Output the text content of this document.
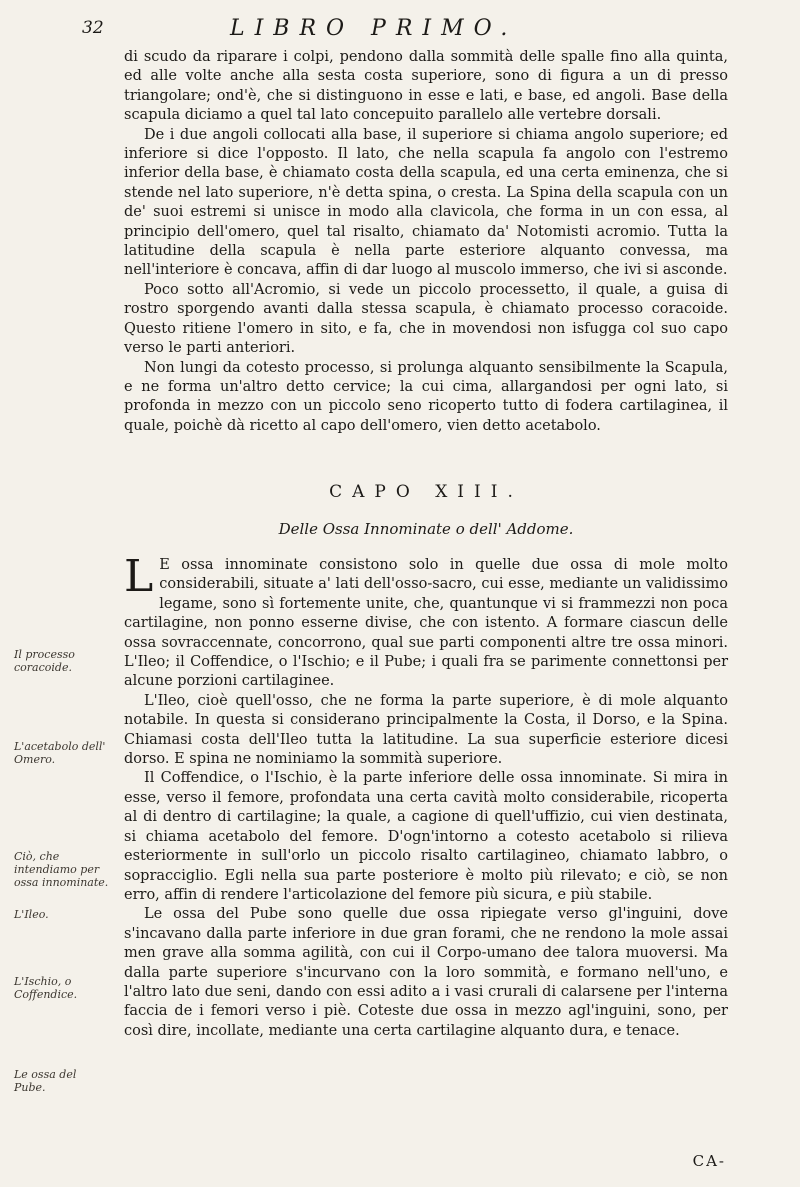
32	LIBRO PRIMO.
Il processo coracoide.
L'acetabolo dell' Omero.
Ciò, che intendiamo per ossa innominate.
L'Ileo.
L'Ischio, o Coffendice.
Le ossa del Pube.

di scudo da riparare i colpi, pendono dalla sommità delle spalle fino alla quinta, ed alle volte anche alla sesta costa superiore, sono di figura a un di presso triangolare; ond'è, che si distinguono in esse e lati, e base, ed angoli. Base della scapula diciamo a quel tal lato concepuito parallelo alle vertebre dorsali.

De i due angoli collocati alla base, il superiore si chiama angolo superiore; ed inferiore si dice l'opposto. Il lato, che nella scapula fa angolo con l'estremo inferior della base, è chiamato costa della scapula, ed una certa eminenza, che si stende nel lato superiore, n'è detta spina, o cresta. La Spina della scapula con un de' suoi estremi si unisce in modo alla clavicola, che forma in un con essa, al principio dell'omero, quel tal risalto, chiamato da' Notomisti acromio. Tutta la latitudine della scapula è nella parte esteriore alquanto convessa, ma nell'interiore è concava, affin di dar luogo al muscolo immerso, che ivi si asconde.

Poco sotto all'Acromio, si vede un piccolo processetto, il quale, a guisa di rostro sporgendo avanti dalla stessa scapula, è chiamato processo coracoide. Questo ritiene l'omero in sito, e fa, che in movendosi non isfugga col suo capo verso le parti anteriori.

Non lungi da cotesto processo, si prolunga alquanto sensibilmente la Scapula, e ne forma un'altro detto cervice; la cui cima, allargandosi per ogni lato, si profonda in mezzo con un piccolo seno ricoperto tutto di fodera cartilaginea, il quale, poichè dà ricetto al capo dell'omero, vien detto acetabolo.

CAPO XIII.
Delle Ossa Innominate o dell' Addome.

L E ossa innominate consistono solo in quelle due ossa di mole molto considerabili, situate a' lati dell'osso-sacro, cui esse, mediante un validissimo legame, sono sì fortemente unite, che, quantunque vi si frammezzi non poca cartilagine, non ponno esserne divise, che con istento. A formare ciascun delle ossa sovraccennate, concorrono, qual sue parti componenti altre tre ossa minori. L'Ileo; il Coffendice, o l'Ischio; e il Pube; i quali fra se parimente connettonsi per alcune porzioni cartilaginee.

L'Ileo, cioè quell'osso, che ne forma la parte superiore, è di mole alquanto notabile. In questa si considerano principalmente la Costa, il Dorso, e la Spina. Chiamasi costa dell'Ileo tutta la latitudine. La sua superficie esteriore dicesi dorso. E spina ne nominiamo la sommità superiore.

Il Coffendice, o l'Ischio, è la parte inferiore delle ossa innominate. Si mira in esse, verso il femore, profondata una certa cavità molto considerabile, ricoperta al di dentro di cartilagine; la quale, a cagione di quell'uffizio, cui vien destinata, si chiama acetabolo del femore. D'ogn'intorno a cotesto acetabolo si rilieva esteriormente in sull'orlo un piccolo risalto cartilagineo, chiamato labbro, o sopracciglio. Egli nella sua parte posteriore è molto più rilevato; e ciò, se non erro, affin di rendere l'articolazione del femore più sicura, e più stabile.

Le ossa del Pube sono quelle due ossa ripiegate verso gl'inguini, dove s'incavano dalla parte inferiore in due gran forami, che ne rendono la mole assai men grave alla somma agilità, con cui il Corpo-umano dee talora muoversi. Ma dalla parte superiore s'incurvano con la loro sommità, e formano nell'uno, e l'altro lato due seni, dando con essi adito a i vasi crurali di calarsene per l'interna faccia de i femori verso i piè. Coteste due ossa in mezzo agl'inguini, sono, per così dire, incollate, mediante una certa cartilagine alquanto dura, e tenace.

CA-
